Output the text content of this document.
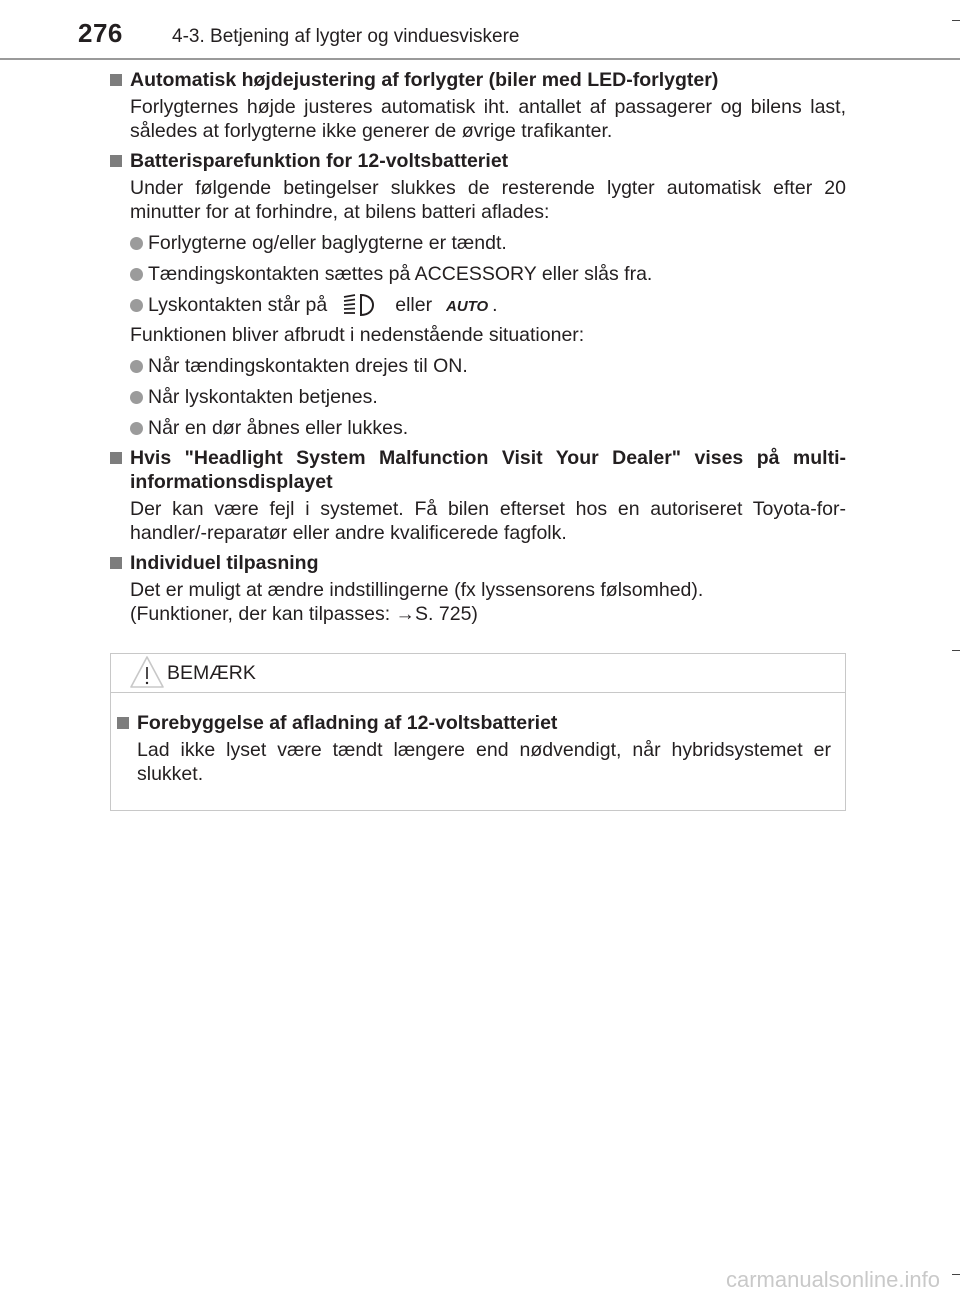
276	4-3. Betjening af lygter og vinduesviskere
Automatisk højdejustering af forlygter (biler med LED-forlygter)
Forlygternes højde justeres automatisk iht. antallet af passagerer og bilens last, således at forlygterne ikke generer de øvrige trafikanter.
Batterisparefunktion for 12-voltsbatteriet
Under følgende betingelser slukkes de resterende lygter automatisk efter 20 minutter for at forhindre, at bilens batteri aflades:
Forlygterne og/eller baglygterne er tændt.
Tændingskontakten sættes på ACCESSORY eller slås fra.
Lyskontakten står på	eller AUTO .
Funktionen bliver afbrudt i nedenstående situationer:
Når tændingskontakten drejes til ON.
Når lyskontakten betjenes.
Når en dør åbnes eller lukkes.
Hvis "Headlight System Malfunction Visit Your Dealer" vises på multi-informationsdisplayet
Der kan være fejl i systemet. Få bilen efterset hos en autoriseret Toyota-for-handler/-reparatør eller andre kvalificerede fagfolk.
Individuel tilpasning
Det er muligt at ændre indstillingerne (fx lyssensorens følsomhed).
(Funktioner, der kan tilpasses: →S. 725)
BEMÆRK
Forebyggelse af afladning af 12-voltsbatteriet
Lad ikke lyset være tændt længere end nødvendigt, når hybridsystemet er slukket.
carmanualsonline.info
